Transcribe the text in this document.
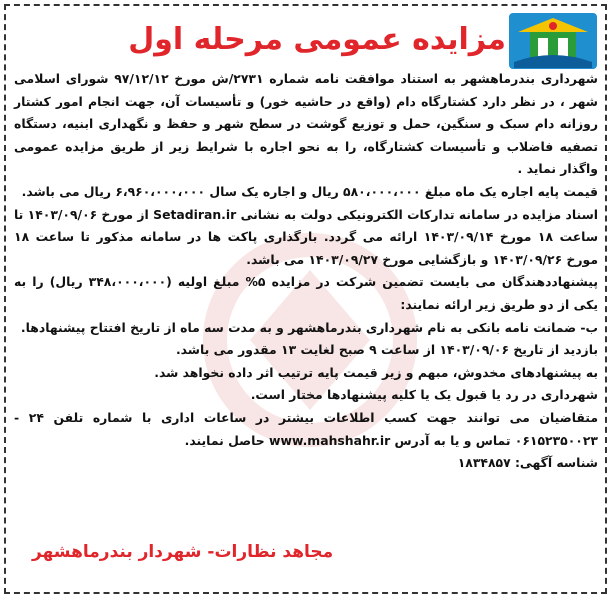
مزایده عمومی مرحله اول

شهرداری بندرماهشهر به استناد موافقت نامه شماره ۲۷۳۱/ش مورخ ۹۷/۱۲/۱۲ شورای اسلامی شهر ، در نظر دارد کشتارگاه دام (واقع در حاشیه خور) و تأسیسات آن، جهت انجام امور کشتار روزانه دام سبک و سنگین، حمل و توزیع گوشت در سطح شهر و حفظ و نگهداری ابنیه، دستگاه تصفیه فاضلاب و تأسیسات کشتارگاه، را به نحو اجاره با شرایط زیر از طریق مزایده عمومی واگذار نماید .

قیمت پایه اجاره یک ماه مبلغ ۵۸۰،۰۰۰،۰۰۰ ریال و اجاره یک سال ۶،۹۶۰،۰۰۰،۰۰۰ ریال می باشد.

اسناد مزایده در سامانه تدارکات الکترونیکی دولت به نشانی Setadiran.ir از مورخ ۱۴۰۳/۰۹/۰۶ تا ساعت ۱۸ مورخ ۱۴۰۳/۰۹/۱۴ ارائه می گردد. بارگذاری پاکت ها در سامانه مذکور تا ساعت ۱۸ مورخ ۱۴۰۳/۰۹/۲۶ و بازگشایی مورخ ۱۴۰۳/۰۹/۲۷ می باشد.

پیشنهاددهندگان می بایست تضمین شرکت در مزایده ۵% مبلغ اولیه (۳۴۸،۰۰۰،۰۰۰ ریال) را به یکی از دو طریق زیر ارائه نمایند:

ب- ضمانت نامه بانکی به نام شهرداری بندرماهشهر و به مدت سه ماه از تاریخ افتتاح پیشنهادها.

بازدید از تاریخ ۱۴۰۳/۰۹/۰۶ از ساعت ۹ صبح لغایت ۱۳ مقدور می باشد.

به پیشنهادهای مخدوش، مبهم و زیر قیمت پایه ترتیب اثر داده نخواهد شد.

شهرداری در رد یا قبول یک یا کلیه پیشنهادها مختار است.

متقاضیان می توانند جهت کسب اطلاعات بیشتر در ساعات اداری با شماره تلفن ۲۴ - ۰۶۱۵۲۳۵۰۰۲۳ تماس و یا به آدرس www.mahshahr.ir حاصل نمایند.

شناسه آگهی: ۱۸۳۴۸۵۷

مجاهد نظارات- شهردار بندرماهشهر
